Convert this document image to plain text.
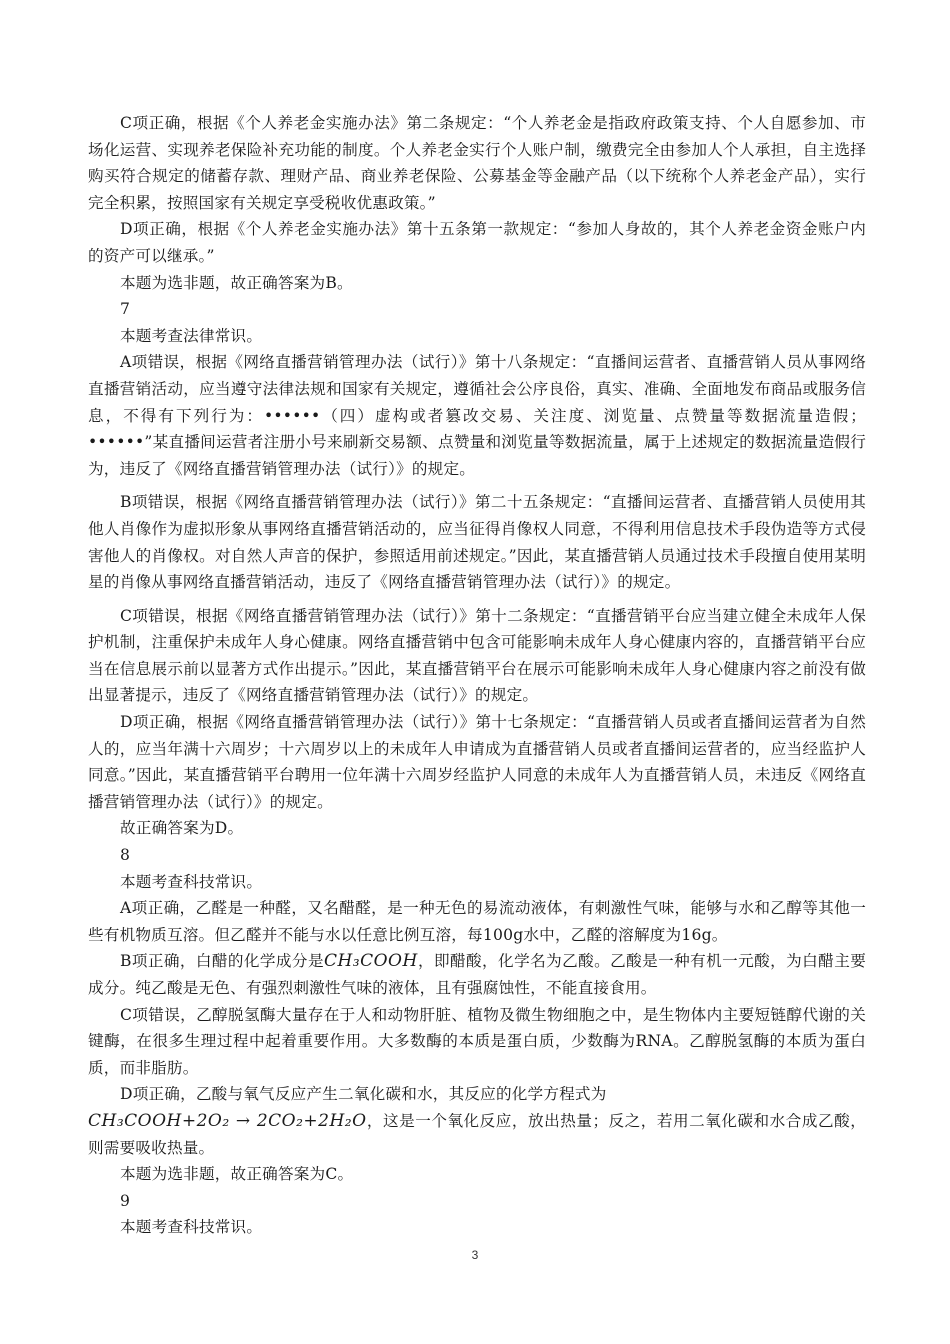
C项正确，根据《个人养老金实施办法》第二条规定：“个人养老金是指政府政策支持、个人自愿参加、市场化运营、实现养老保险补充功能的制度。个人养老金实行个人账户制，缴费完全由参加人个人承担，自主选择购买符合规定的储蓄存款、理财产品、商业养老保险、公募基金等金融产品（以下统称个人养老金产品），实行完全积累，按照国家有关规定享受税收优惠政策。”

D项正确，根据《个人养老金实施办法》第十五条第一款规定：“参加人身故的，其个人养老金资金账户内的资产可以继承。”

本题为选非题，故正确答案为B。

7

本题考查法律常识。

A项错误，根据《网络直播营销管理办法（试行）》第十八条规定：“直播间运营者、直播营销人员从事网络直播营销活动，应当遵守法律法规和国家有关规定，遵循社会公序良俗，真实、准确、全面地发布商品或服务信息，不得有下列行为：••••••（四）虚构或者篡改交易、关注度、浏览量、点赞量等数据流量造假；••••••”某直播间运营者注册小号来刷新交易额、点赞量和浏览量等数据流量，属于上述规定的数据流量造假行为，违反了《网络直播营销管理办法（试行）》的规定。

B项错误，根据《网络直播营销管理办法（试行）》第二十五条规定：“直播间运营者、直播营销人员使用其他人肖像作为虚拟形象从事网络直播营销活动的，应当征得肖像权人同意，不得利用信息技术手段伪造等方式侵害他人的肖像权。对自然人声音的保护，参照适用前述规定。”因此，某直播营销人员通过技术手段擅自使用某明星的肖像从事网络直播营销活动，违反了《网络直播营销管理办法（试行）》的规定。

C项错误，根据《网络直播营销管理办法（试行）》第十二条规定：“直播营销平台应当建立健全未成年人保护机制，注重保护未成年人身心健康。网络直播营销中包含可能影响未成年人身心健康内容的，直播营销平台应当在信息展示前以显著方式作出提示。”因此，某直播营销平台在展示可能影响未成年人身心健康内容之前没有做出显著提示，违反了《网络直播营销管理办法（试行）》的规定。

D项正确，根据《网络直播营销管理办法（试行）》第十七条规定：“直播营销人员或者直播间运营者为自然人的，应当年满十六周岁；十六周岁以上的未成年人申请成为直播营销人员或者直播间运营者的，应当经监护人同意。”因此，某直播营销平台聘用一位年满十六周岁经监护人同意的未成年人为直播营销人员，未违反《网络直播营销管理办法（试行）》的规定。

故正确答案为D。

8

本题考查科技常识。

A项正确，乙醛是一种醛，又名醋醛，是一种无色的易流动液体，有刺激性气味，能够与水和乙醇等其他一些有机物质互溶。但乙醛并不能与水以任意比例互溶，每100g水中，乙醛的溶解度为16g。

B项正确，白醋的化学成分是CH₃COOH，即醋酸，化学名为乙酸。乙酸是一种有机一元酸，为白醋主要成分。纯乙酸是无色、有强烈刺激性气味的液体，且有强腐蚀性，不能直接食用。

C项错误，乙醇脱氢酶大量存在于人和动物肝脏、植物及微生物细胞之中，是生物体内主要短链醇代谢的关键酶，在很多生理过程中起着重要作用。大多数酶的本质是蛋白质，少数酶为RNA。乙醇脱氢酶的本质为蛋白质，而非脂肪。

D项正确，乙酸与氧气反应产生二氧化碳和水，其反应的化学方程式为
CH₃COOH+2O₂ → 2CO₂+2H₂O，这是一个氧化反应，放出热量；反之，若用二氧化碳和水合成乙酸，则需要吸收热量。

本题为选非题，故正确答案为C。

9

本题考查科技常识。

3
